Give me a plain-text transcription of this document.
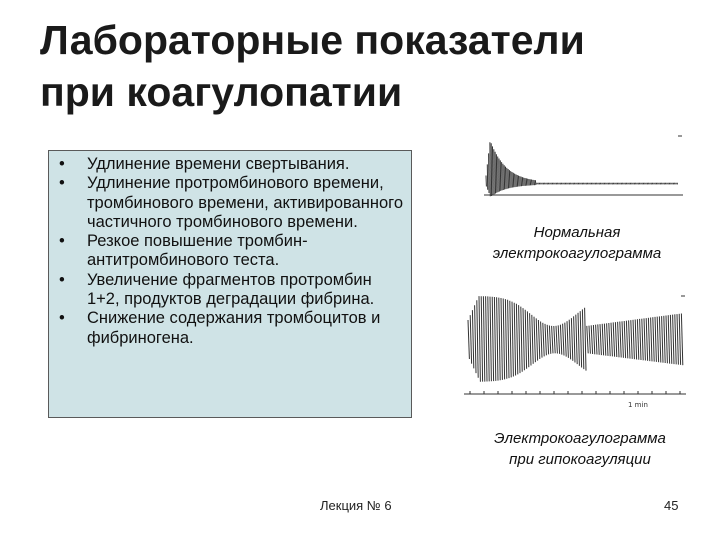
Лабораторные показатели
при коагулопатии
• Удлинение времени свертывания.
• Удлинение протромбинового времени, тромбинового времени, активированного частичного тромбинового времени.
• Резкое повышение тромбин-антитромбинового теста.
• Увеличение фрагментов протромбин 1+2, продуктов деградации фибрина.
• Снижение содержания тромбоцитов и фибриногена.
Нормальная
электрокоагулограмма
1 min
Электрокоагулограмма
при гипокоагуляции
Лекция № 6	45
